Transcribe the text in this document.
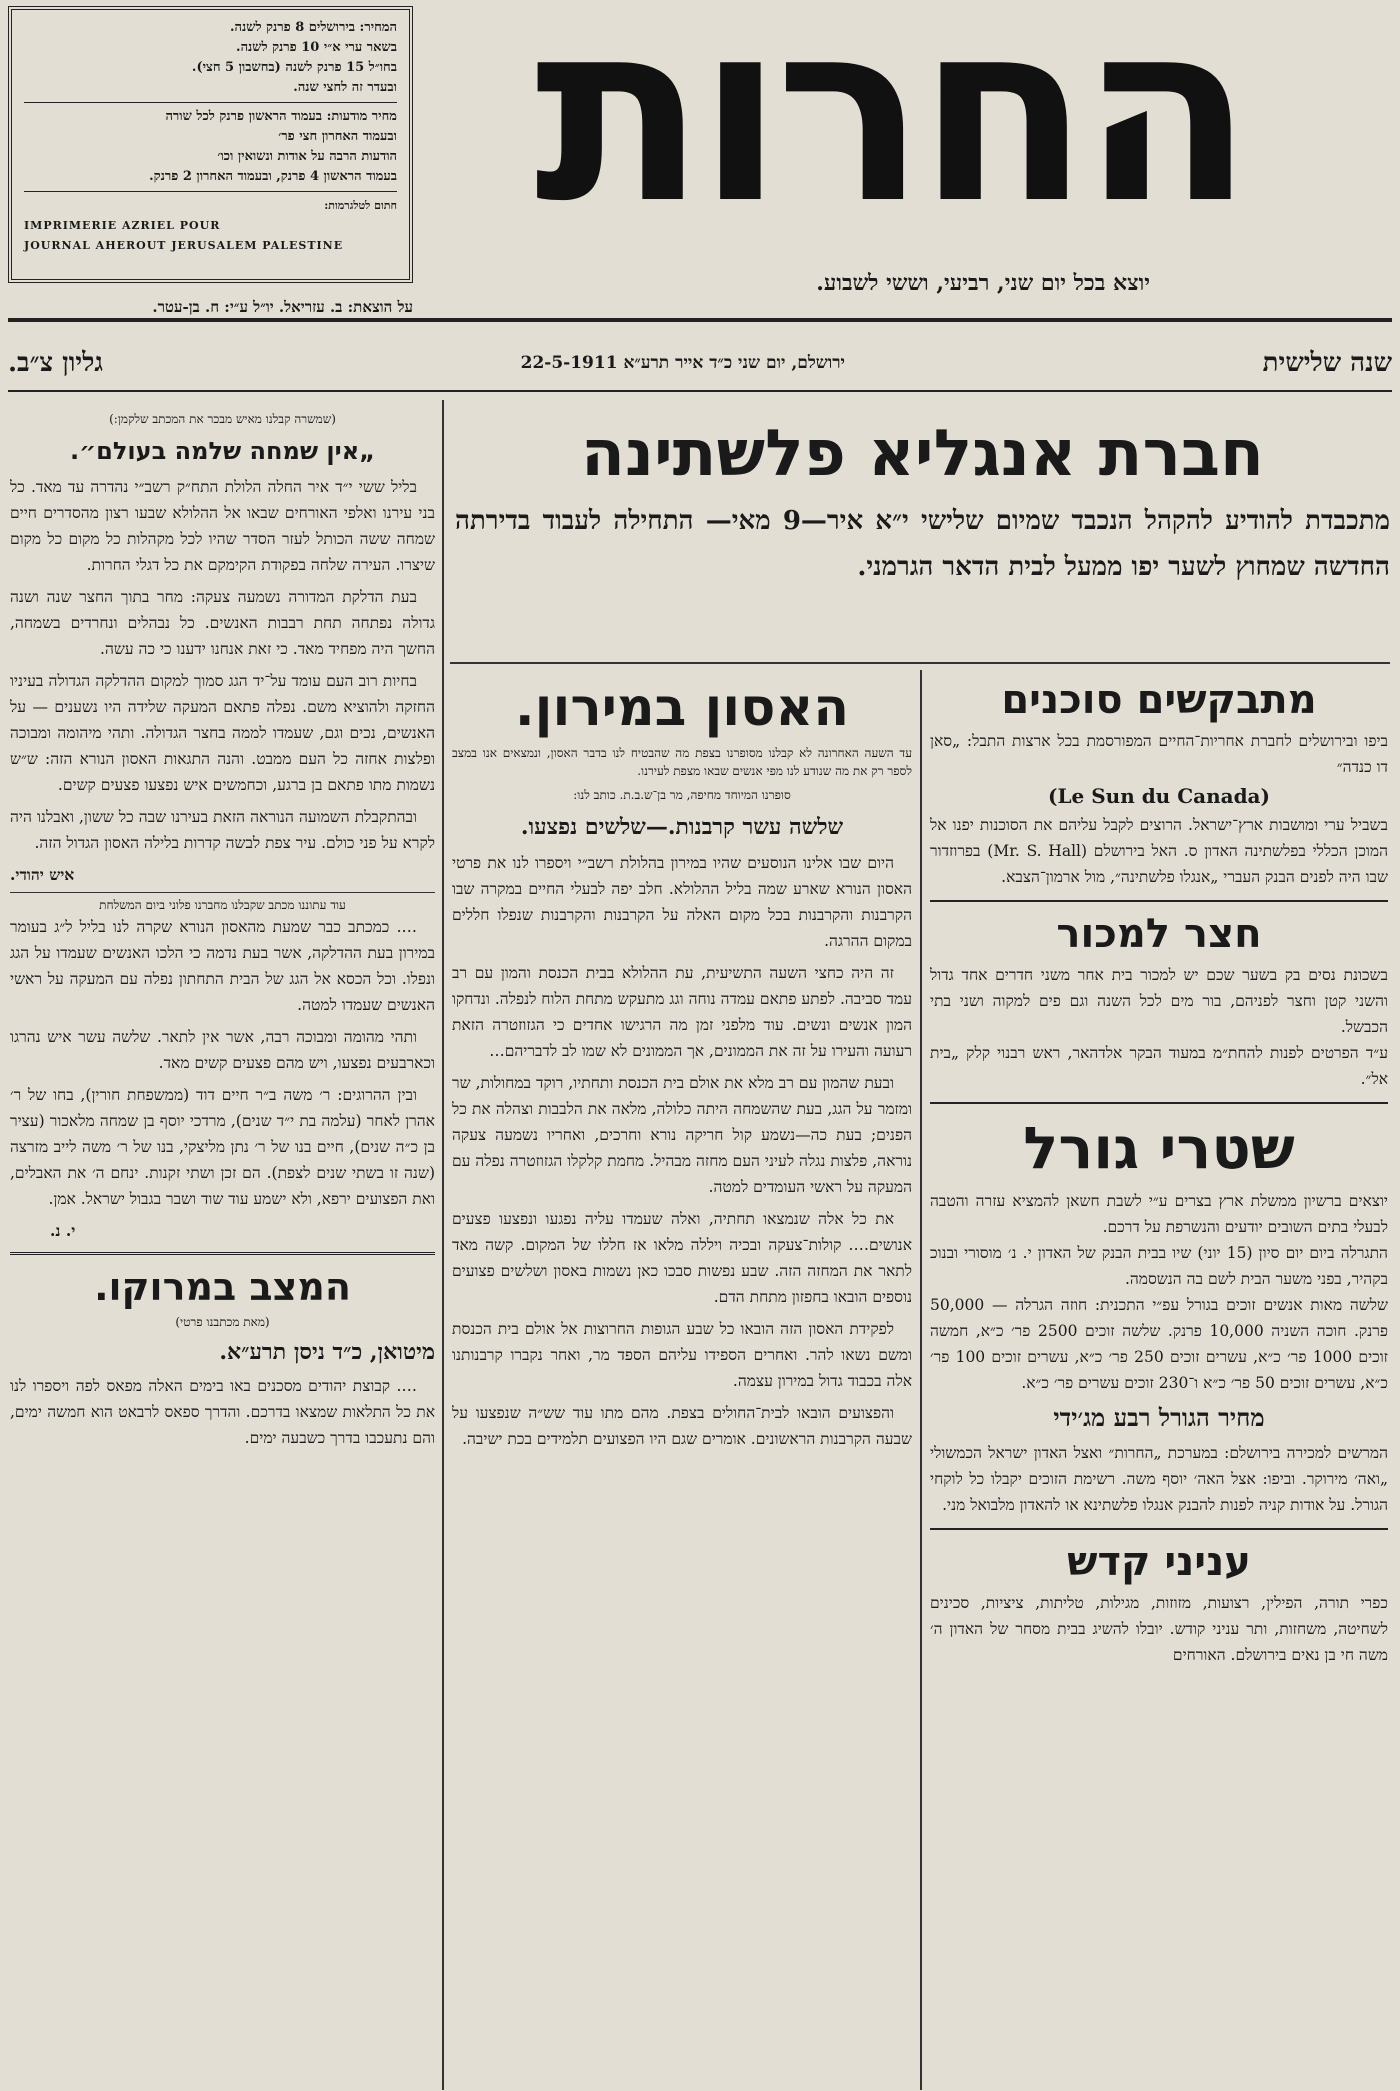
המחיר: בירושלים 8 פרנק לשנה.
בשאר ערי א״י 10 פרנק לשנה.
בחו״ל 15 פרנק לשנה (בחשבון 5 חצי).
ובעדר זה לחצי שנה.
מחיר מודעות: בעמוד הראשון פרנק לכל שורה
ובעמוד האחרון חצי פר׳
הודעות הרבה על אודות ונשואין וכו׳
בעמוד הראשון 4 פרנק, ובעמוד האחרון 2 פרנק.
חתום לטלגרמות:
IMPRIMERIE AZRIEL POUR
JOURNAL AHEROUT JERUSALEM PALESTINE החרות
יוצא בכל יום שני, רביעי, וששי לשבוע.
על הוצאת: ב. עזריאל. יו״ל ע״י: ח. בן-עטר.
שנה שלישית
ירושלם, יום שני כ״ד אייר תרע״א 22-5-1911
גליון צ״ב.
(שמשרה קבלנו מאיש מבכר את המכתב שלקמן:)
„אין שמחה שלמה בעולם״.

בליל ששי י״ד איר החלה הלולת התח״ק רשב״י נהדרה עד מאד. כל בני עירנו ואלפי האורחים שבאו אל ההלולא שבעו רצון מהסדרים חיים שמחה ששה הכותל לעזר הסדר שהיו לכל מקהלות כל מקום כל מקום שיצרו. העירה שלחה בפקודת הקימקם את כל דגלי החרות.

בעת הדלקת המדורה נשמעה צעקה: מחר בתוך החצר שנה ושנה גדולה נפתחה תחת רבבות האנשים. כל נבהלים ונחרדים בשמחה, החשך היה מפחיד מאד. כי זאת אנחנו ידענו כי כה עשה.

בחיות רוב העם עומד על־יד הגג סמוך למקום ההדלקה הגדולה בעיניו החזקה ולהוציא משם. נפלה פתאם המעקה שלידה היו נשענים — על האנשים, נכים וגם, שעמדו לממה בחצר הגדולה. ותהי מיהומה ומבוכה ופלצות אחזה כל העם ממבט. והנה התגאות האסון הנורא הזה: ש״ש נשמות מתו פתאם בן ברגע, וכחמשים איש נפצעו פצעים קשים.

ובהתקבלת השמועה הנוראה הזאת בעירנו שבה כל ששון, ואבלנו היה לקרא על פני כולם. עיר צפת לבשה קדרות בלילה האסון הגדול הזה.

איש יהודי.
עוד עתוננו מכתב שקבלנו מחברנו פלוני ביום המשלחת

…. כמכתב כבר שמעת מהאסון הנורא שקרה לנו בליל ל״ג בעומר במירון בעת ההדלקה, אשר בעת נדמה כי הלכו האנשים שעמדו על הגג ונפלו. וכל הכסא אל הגג של הבית התחתון נפלה עם המעקה על ראשי האנשים שעמדו למטה.

ותהי מהומה ומבוכה רבה, אשר אין לתאר. שלשה עשר איש נהרגו וכארבעים נפצעו, ויש מהם פצעים קשים מאד.

ובין ההרוגים: ר׳ משה ב״ר חיים דוד (ממשפחת חורין), בחו של ר׳ אהרן לאחר (עלמה בת י״ד שנים), מרדכי יוסף בן שמחה מלאכור (עציר בן כ״ה שנים), חיים בנו של ר׳ נתן מליצקי, בנו של ר׳ משה לייב מזרצה (שנה זו בשתי שנים לצפת). הם זכן ושתי זקנות. ינחם ה׳ את האבלים, ואת הפצועים ירפא, ולא ישמע עוד שוד ושבר בגבול ישראל. אמן.

י. נ.
המצב במרוקו.
(מאת מכתבנו פרטי)
מיטואן, כ״ד ניסן תרע״א.

…. קבוצת יהודים מסכנים באו בימים האלה מפאס לפה ויספרו לנו את כל התלאות שמצאו בדרכם. והדרך ספאס לרבאט הוא חמשה ימים, והם נתעכבו בדרך כשבעה ימים.

חברת אנגליא פלשתינה
מתכבדת להודיע להקהל הנכבד שמיום שלישי י״א איר—9 מאי— התחילה לעבוד בדירתה החדשה שמחוץ לשער יפו ממעל לבית הדאר הגרמני.
האסון במירון.
עד השעה האחרונה לא קבלנו מסופרנו בצפת מה שהבטיח לנו בדבר האסון, ונמצאים אנו במצב לספר רק את מה שנודע לנו מפי אנשים שבאו מצפת לעירנו.
סופרנו המיוחד מחיפה, מר בן־ש.ב.ת. כותב לנו:
שלשה עשר קרבנות.—שלשים נפצעו.

היום שבו אלינו הנוסעים שהיו במירון בהלולת רשב״י ויספרו לנו את פרטי האסון הנורא שארע שמה בליל ההלולא. חלב יפה לבעלי החיים במקרה שבו הקרבנות והקרבנות בכל מקום האלה על הקרבנות והקרבנות שנפלו חללים במקום ההרגה.

זה היה כחצי השעה התשיעית, עת ההלולא בבית הכנסת והמון עם רב עמד סביבה. לפתע פתאם עמדה נוחה וגג מתעקש מתחת הלוח לנפלה. ונדחקו המון אנשים ונשים. עוד מלפני זמן מה הרגישו אחדים כי הגזוזטרה הזאת רעועה והעירו על זה את הממונים, אך הממונים לא שמו לב לדבריהם…

ובעת שהמון עם רב מלא את אולם בית הכנסת ותחתיו, רוקד במחולות, שר ומזמר על הגג, בעת שהשמחה היתה כלולה, מלאה את הלבבות וצהלה את כל הפנים; בעת כה—נשמע קול חריקה נורא וחרכים, ואחריו נשמעה צעקה נוראה, פלצות נגלה לעיני העם מחזה מבהיל. מחמת קלקלו הגזוזטרה נפלה עם המעקה על ראשי העומדים למטה.

את כל אלה שנמצאו תחתיה, ואלה שעמדו עליה נפגעו ונפצעו פצעים אנושים…. קולות־צעקה ובכיה ויללה מלאו אז חללו של המקום. קשה מאד לתאר את המחזה הזה. שבע נפשות סבכו כאן נשמות באסון ושלשים פצועים נוספים הובאו בחפזון מתחת הדם.

לפקידת האסון הזה הובאו כל שבע הגופות החרוצות אל אולם בית הכנסת ומשם נשאו להר. ואחרים הספידו עליהם הספד מר, ואחר נקברו קרבנותנו אלה בכבוד גדול במירון עצמה.

והפצועים הובאו לבית־החולים בצפת. מהם מתו עוד שש״ה שנפצעו על שבעה הקרבנות הראשונים. אומרים שגם היו הפצועים תלמידים בכת ישיבה.

מתבקשים סוכנים
ביפו ובירושלים לחברת אחריות־החיים המפורסמת בכל ארצות התבל: „סאן דו כנדה״
(Le Sun du Canada)
בשביל ערי ומושבות ארץ־ישראל. הרוצים לקבל עליהם את הסוכנות יפנו אל המוכן הכללי בפלשתינה האדון ס. האל בירושלם (Mr. S. Hall) בפרוזדור שבו היה לפנים הבנק העברי „אנגלו פלשתינה״, מול ארמון־הצבא.
חצר למכור
בשכונת נסים בק בשער שכם יש למכור בית אחר משני חדרים אחד גדול והשני קטן וחצר לפניהם, בור מים לכל השנה וגם פים למקוה ושני בתי הכבשל.
ע״ד הפרטים לפנות להחת״מ במעוד הבקר אלדהאר, ראש רבנוי קלק „בית אל״.
שטרי גורל
יוצאים ברשיון ממשלת ארץ בצרים ע״י לשבת חשאן להמציא עזרה והטבה לבעלי בתים השובים יודעים והנשרפת על דרכם.
התגרלה ביום יום סיון (15 יוני) שיו בבית הבנק של האדון י. נ׳ מוסורי ובנוכ בקהיר, בפני משער הבית לשם בה הנשסמה.
שלשה מאות אנשים זוכים בגורל עפ״י התכנית: חוזה הגרלה — 50,000 פרנק. חוכה השניה 10,000 פרנק. שלשה זוכים 2500 פר׳ כ״א, חמשה זוכים 1000 פר׳ כ״א, עשרים זוכים 250 פר׳ כ״א, עשרים זוכים 100 פר׳ כ״א, עשרים זוכים 50 פר׳ כ״א ו־230 זוכים עשרים פר׳ כ״א.
מחיר הגורל רבע מג׳ידי
המרשים למכירה בירושלם: במערכת „החרות״ ואצל האדון ישראל הכמשולי „ואה׳ מירוקר. וביפו: אצל האה׳ יוסף משה. רשימת הזוכים יקבלו כל לוקחי הגורל. על אודות קניה לפנות להבנק אנגלו פלשתינא או להאדון מלבואל מני.
עניני קדש
כפרי תורה, הפילין, רצועות, מזוזות, מגילות, טליתות, ציציות, סכינים לשחיטה, משחזות, ותר עניני קודש. יובלו להשיג בבית מסחר של האדון ה׳ משה חי בן נאים בירושלם. האורחים
